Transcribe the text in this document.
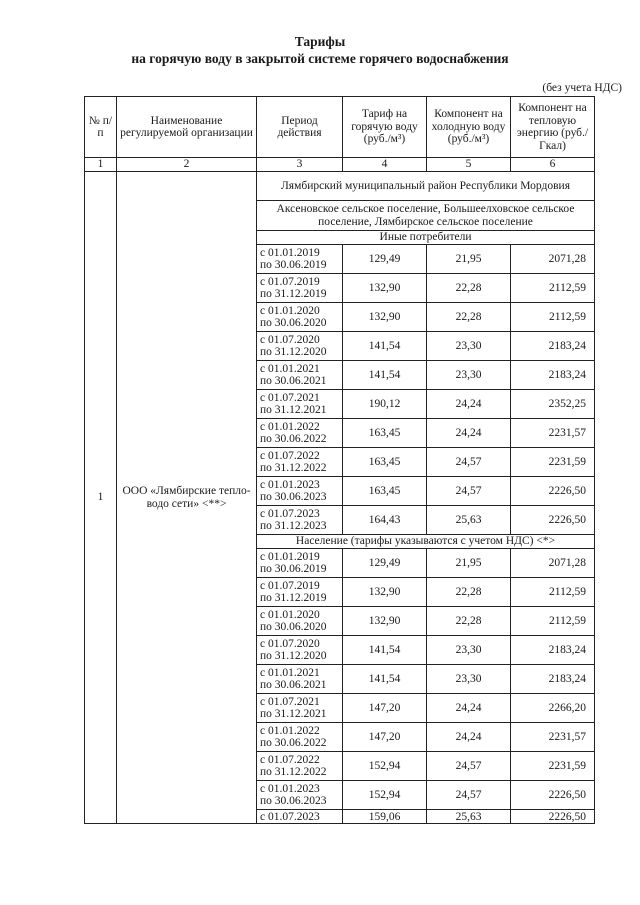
Тарифы
на горячую воду в закрытой системе горячего водоснабжения
(без учета НДС)
№ п/п	Наименование регулируемой организации	Период действия	Тариф на горячую воду (руб./м³)	Компонент на холодную воду (руб./м³)	Компонент на тепловую энергию (руб./Гкал)
1	2	3	4	5	6
1	ООО «Лямбирские тепло-водо сети» <**>	Лямбирский муниципальный район Республики Мордовия			
		Аксеновское сельское поселение, Большеелховское сельское поселение, Лямбирское сельское поселение			
		Иные потребители			

		с 01.01.2019
по 30.06.2019	129,49	21,95	2071,28

		с 01.07.2019
по 31.12.2019	132,90	22,28	2112,59

		с 01.01.2020
по 30.06.2020	132,90	22,28	2112,59

		с 01.07.2020
по 31.12.2020	141,54	23,30	2183,24

		с 01.01.2021
по 30.06.2021	141,54	23,30	2183,24

		с 01.07.2021
по 31.12.2021	190,12	24,24	2352,25

		с 01.01.2022
по 30.06.2022	163,45	24,24	2231,57

		с 01.07.2022
по 31.12.2022	163,45	24,57	2231,59

		с 01.01.2023
по 30.06.2023	163,45	24,57	2226,50

		с 01.07.2023
по 31.12.2023	164,43	25,63	2226,50
		Население (тарифы указываются с учетом НДС) <*>			

		с 01.01.2019
по 30.06.2019	129,49	21,95	2071,28

		с 01.07.2019
по 31.12.2019	132,90	22,28	2112,59

		с 01.01.2020
по 30.06.2020	132,90	22,28	2112,59

		с 01.07.2020
по 31.12.2020	141,54	23,30	2183,24

		с 01.01.2021
по 30.06.2021	141,54	23,30	2183,24

		с 01.07.2021
по 31.12.2021	147,20	24,24	2266,20

		с 01.01.2022
по 30.06.2022	147,20	24,24	2231,57

		с 01.07.2022
по 31.12.2022	152,94	24,57	2231,59

		с 01.01.2023
по 30.06.2023	152,94	24,57	2226,50

		с 01.07.2023	159,06	25,63	2226,50
